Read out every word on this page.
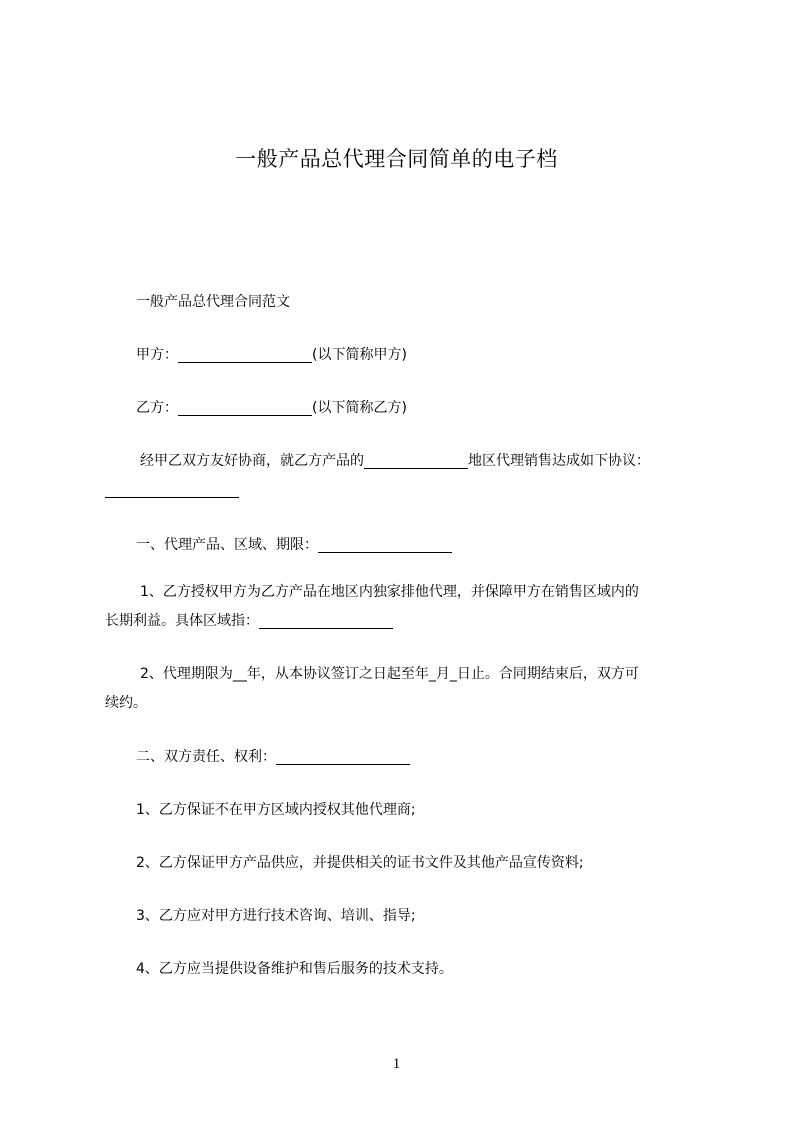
一般产品总代理合同简单的电子档

一般产品总代理合同范文

甲方：	(以下简称甲方)

乙方：	(以下简称乙方)

经甲乙双方友好协商，就乙方产品的	地区代理销售达成如下协议：

一、代理产品、区域、期限：

1、乙方授权甲方为乙方产品在地区内独家排他代理，并保障甲方在销售区域内的

长期利益。具体区域指：

2、代理期限为__年，从本协议签订之日起至年_月_日止。合同期结束后，双方可

续约。

二、双方责任、权利：

1、乙方保证不在甲方区域内授权其他代理商;

2、乙方保证甲方产品供应，并提供相关的证书文件及其他产品宣传资料;

3、乙方应对甲方进行技术咨询、培训、指导;

4、乙方应当提供设备维护和售后服务的技术支持。

1
